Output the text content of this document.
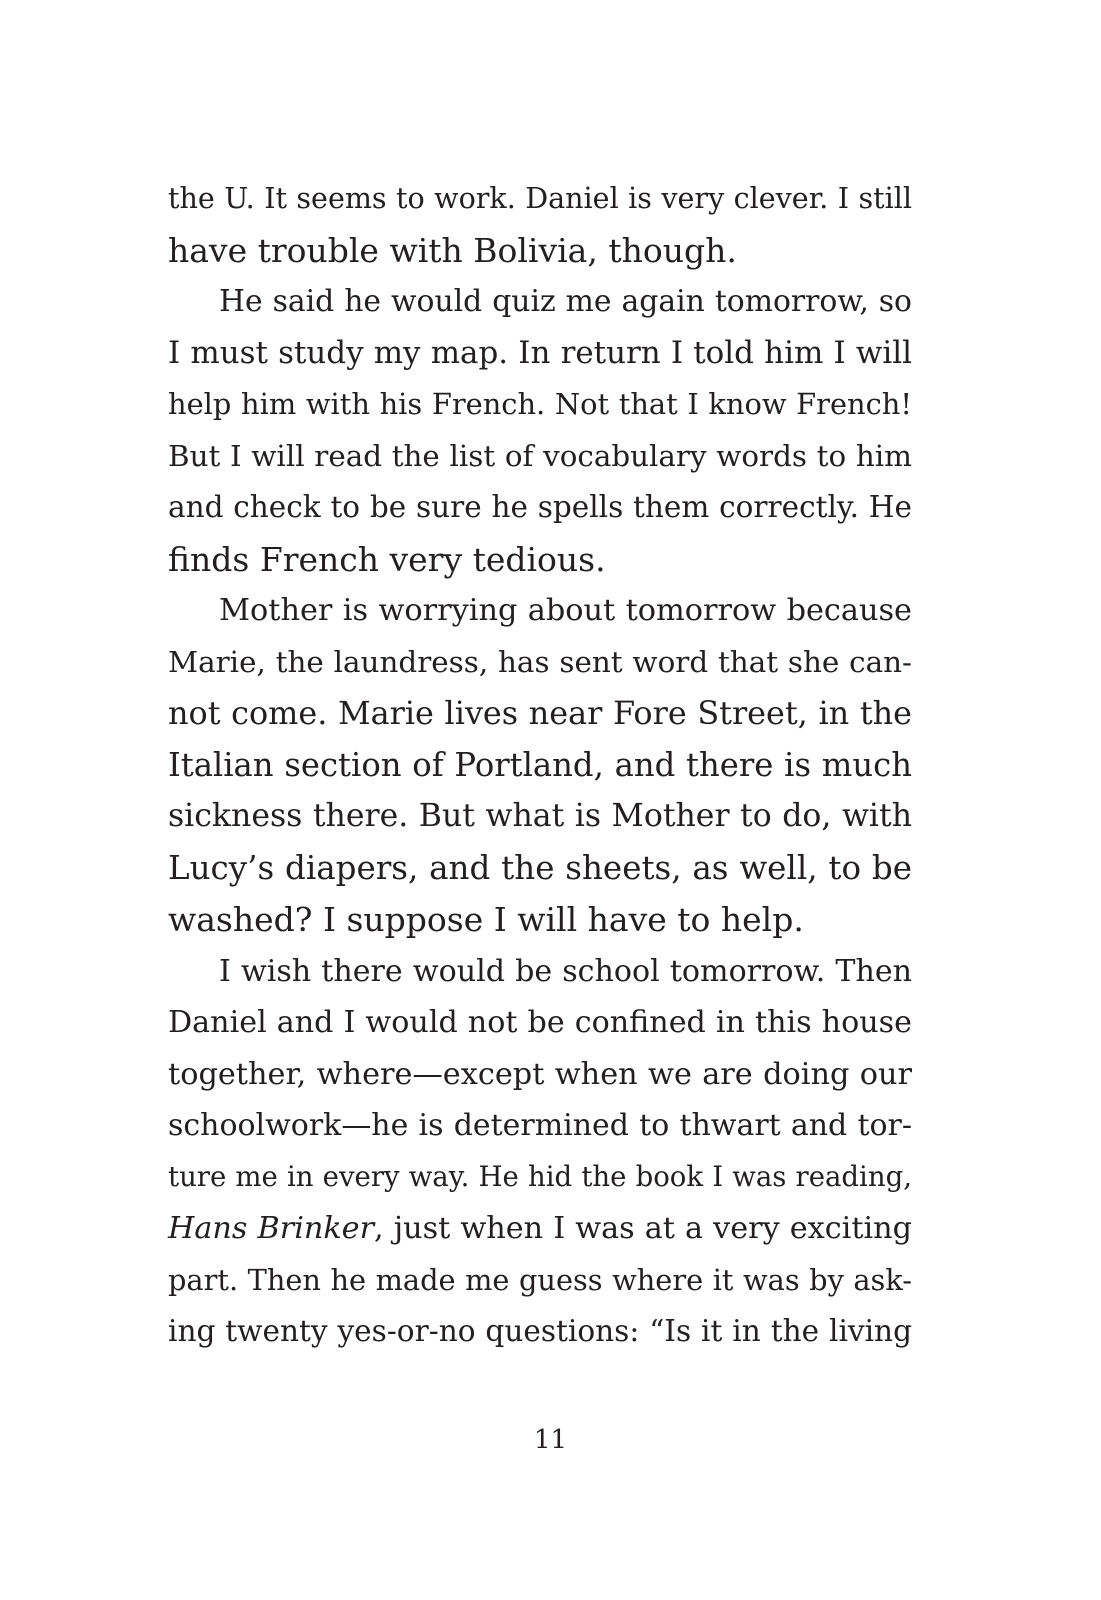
the U. It seems to work. Daniel is very clever. I still
have trouble with Bolivia, though.
He said he would quiz me again tomorrow, so
I must study my map. In return I told him I will
help him with his French. Not that I know French!
But I will read the list of vocabulary words to him
and check to be sure he spells them correctly. He
finds French very tedious.
Mother is worrying about tomorrow because
Marie, the laundress, has sent word that she can-
not come. Marie lives near Fore Street, in the
Italian section of Portland, and there is much
sickness there. But what is Mother to do, with
Lucy’s diapers, and the sheets, as well, to be
washed? I suppose I will have to help.
I wish there would be school tomorrow. Then
Daniel and I would not be confined in this house
together, where—except when we are doing our
schoolwork—he is determined to thwart and tor-
ture me in every way. He hid the book I was reading,
Hans Brinker, just when I was at a very exciting
part. Then he made me guess where it was by ask-
ing twenty yes-or-no questions: “Is it in the living
11
